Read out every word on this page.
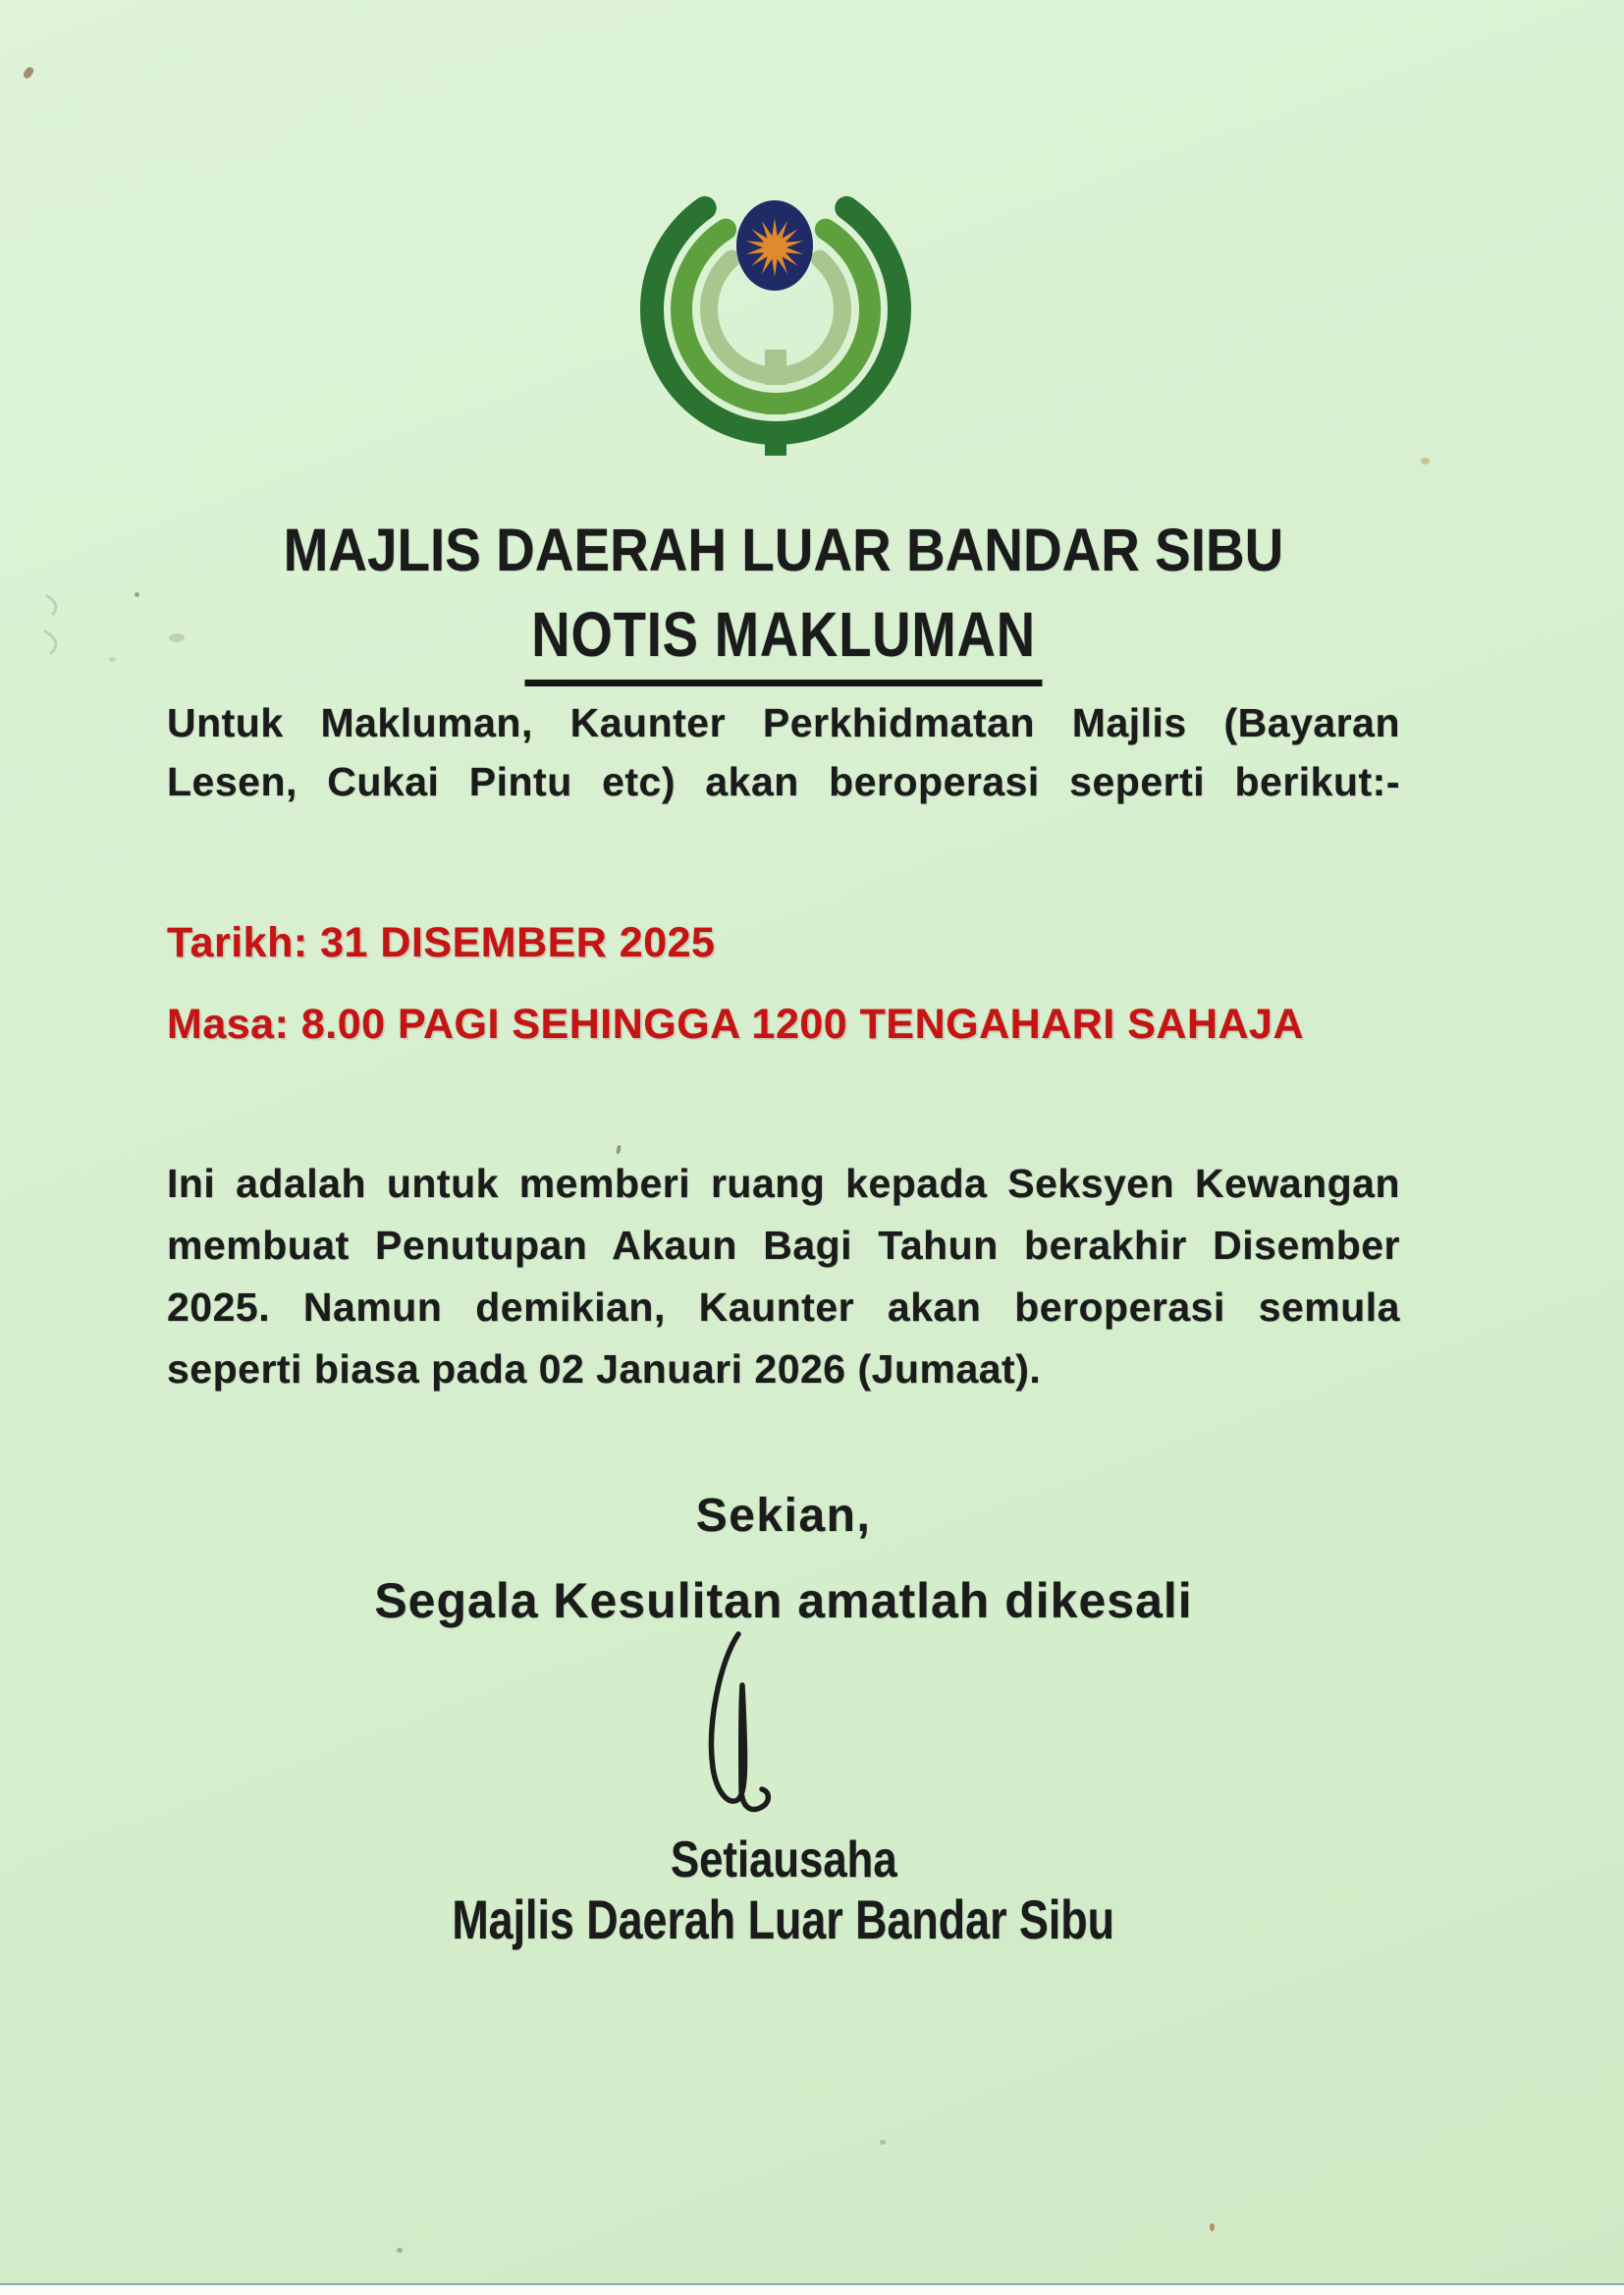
MAJLIS DAERAH LUAR BANDAR SIBU
NOTIS MAKLUMAN
Untuk Makluman, Kaunter Perkhidmatan Majlis (Bayaran
Lesen, Cukai Pintu etc) akan beroperasi seperti berikut:-
Tarikh: 31 DISEMBER 2025
Masa: 8.00 PAGI SEHINGGA 1200 TENGAHARI SAHAJA
Ini adalah untuk memberi ruang kepada Seksyen Kewangan
membuat Penutupan Akaun Bagi Tahun berakhir Disember
2025. Namun demikian, Kaunter akan beroperasi semula
seperti biasa pada 02 Januari 2026 (Jumaat).
Sekian,
Segala Kesulitan amatlah dikesali
Setiausaha
Majlis Daerah Luar Bandar Sibu
